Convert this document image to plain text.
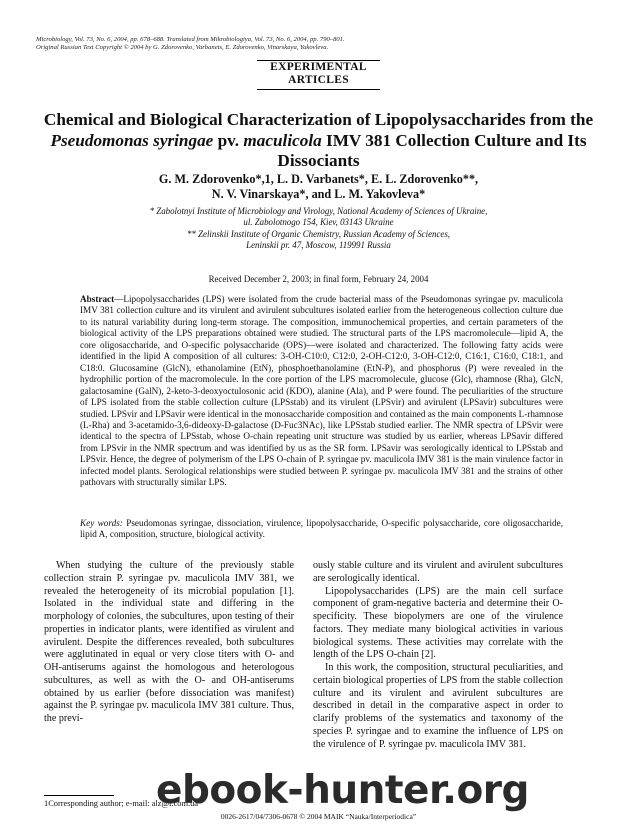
Microbiology, Vol. 73, No. 6, 2004, pp. 678–688. Translated from Mikrobiologiya, Vol. 73, No. 6, 2004, pp. 790–801.
Original Russian Text Copyright © 2004 by G. Zdorovenko, Varbanets, E. Zdorovenko, Vinarskaya, Yakovleva.
EXPERIMENTAL
ARTICLES
Chemical and Biological Characterization of Lipopolysaccharides from the Pseudomonas syringae pv. maculicola IMV 381 Collection Culture and Its Dissociants
G. M. Zdorovenko*,1, L. D. Varbanets*, E. L. Zdorovenko**,
N. V. Vinarskaya*, and L. M. Yakovleva*
* Zabolotnyi Institute of Microbiology and Virology, National Academy of Sciences of Ukraine,
ul. Zabolotnogo 154, Kiev, 03143 Ukraine
** Zelinskii Institute of Organic Chemistry, Russian Academy of Sciences,
Leninskii pr. 47, Moscow, 119991 Russia
Received December 2, 2003; in final form, February 24, 2004
Abstract—Lipopolysaccharides (LPS) were isolated from the crude bacterial mass of the Pseudomonas syringae pv. maculicola IMV 381 collection culture and its virulent and avirulent subcultures isolated earlier from the heterogeneous collection culture due to its natural variability during long-term storage. The composition, immunochemical properties, and certain parameters of the biological activity of the LPS preparations obtained were studied. The structural parts of the LPS macromolecule—lipid A, the core oligosaccharide, and O-specific polysaccharide (OPS)—were isolated and characterized. The following fatty acids were identified in the lipid A composition of all cultures: 3-OH-C10:0, C12:0, 2-OH-C12:0, 3-OH-C12:0, C16:1, C16:0, C18:1, and C18:0. Glucosamine (GlcN), ethanolamine (EtN), phosphoethanolamine (EtN-P), and phosphorus (P) were revealed in the hydrophilic portion of the macromolecule. In the core portion of the LPS macromolecule, glucose (Glc), rhamnose (Rha), GlcN, galactosamine (GalN), 2-keto-3-deoxyoctulosonic acid (KDO), alanine (Ala), and P were found. The peculiarities of the structure of LPS isolated from the stable collection culture (LPSstab) and its virulent (LPSvir) and avirulent (LPSavir) subcultures were studied. LPSvir and LPSavir were identical in the monosaccharide composition and contained as the main components L-rhamnose (L-Rha) and 3-acetamido-3,6-dideoxy-D-galactose (D-Fuc3NAc), like LPSstab studied earlier. The NMR spectra of LPSvir were identical to the spectra of LPSstab, whose O-chain repeating unit structure was studied by us earlier, whereas LPSavir differed from LPSvir in the NMR spectrum and was identified by us as the SR form. LPSavir was serologically identical to LPSstab and LPSvir. Hence, the degree of polymerism of the LPS O-chain of P. syringae pv. maculicola IMV 381 is the main virulence factor in infected model plants. Serological relationships were studied between P. syringae pv. maculicola IMV 381 and the strains of other pathovars with structurally similar LPS.
Key words: Pseudomonas syringae, dissociation, virulence, lipopolysaccharide, O-specific polysaccharide, core oligosaccharide, lipid A, composition, structure, biological activity.

When studying the culture of the previously stable collection strain P. syringae pv. maculicola IMV 381, we revealed the heterogeneity of its microbial population [1]. Isolated in the individual state and differing in the morphology of colonies, the subcultures, upon testing of their properties in indicator plants, were identified as virulent and avirulent. Despite the differences revealed, both subcultures were agglutinated in equal or very close titers with O- and OH-antiserums against the homologous and heterologous subcultures, as well as with the O- and OH-antiserums obtained by us earlier (before dissociation was manifest) against the P. syringae pv. maculicola IMV 381 culture. Thus, the previ-

ously stable culture and its virulent and avirulent subcultures are serologically identical.

Lipopolysaccharides (LPS) are the main cell surface component of gram-negative bacteria and determine their O-specificity. These biopolymers are one of the virulence factors. They mediate many biological activities in various biological systems. These activities may correlate with the length of the LPS O-chain [2].

In this work, the composition, structural peculiarities, and certain biological properties of LPS from the stable collection culture and its virulent and avirulent subcultures are described in detail in the comparative aspect in order to clarify problems of the systematics and taxonomy of the species P. syringae and to examine the influence of LPS on the virulence of P. syringae pv. maculicola IMV 381.

1Corresponding author; e-mail: alz@i.com.ua
0026-2617/04/7306-0678 © 2004 MAIK “Nauka/Interperiodica”
ebook-hunter.org
